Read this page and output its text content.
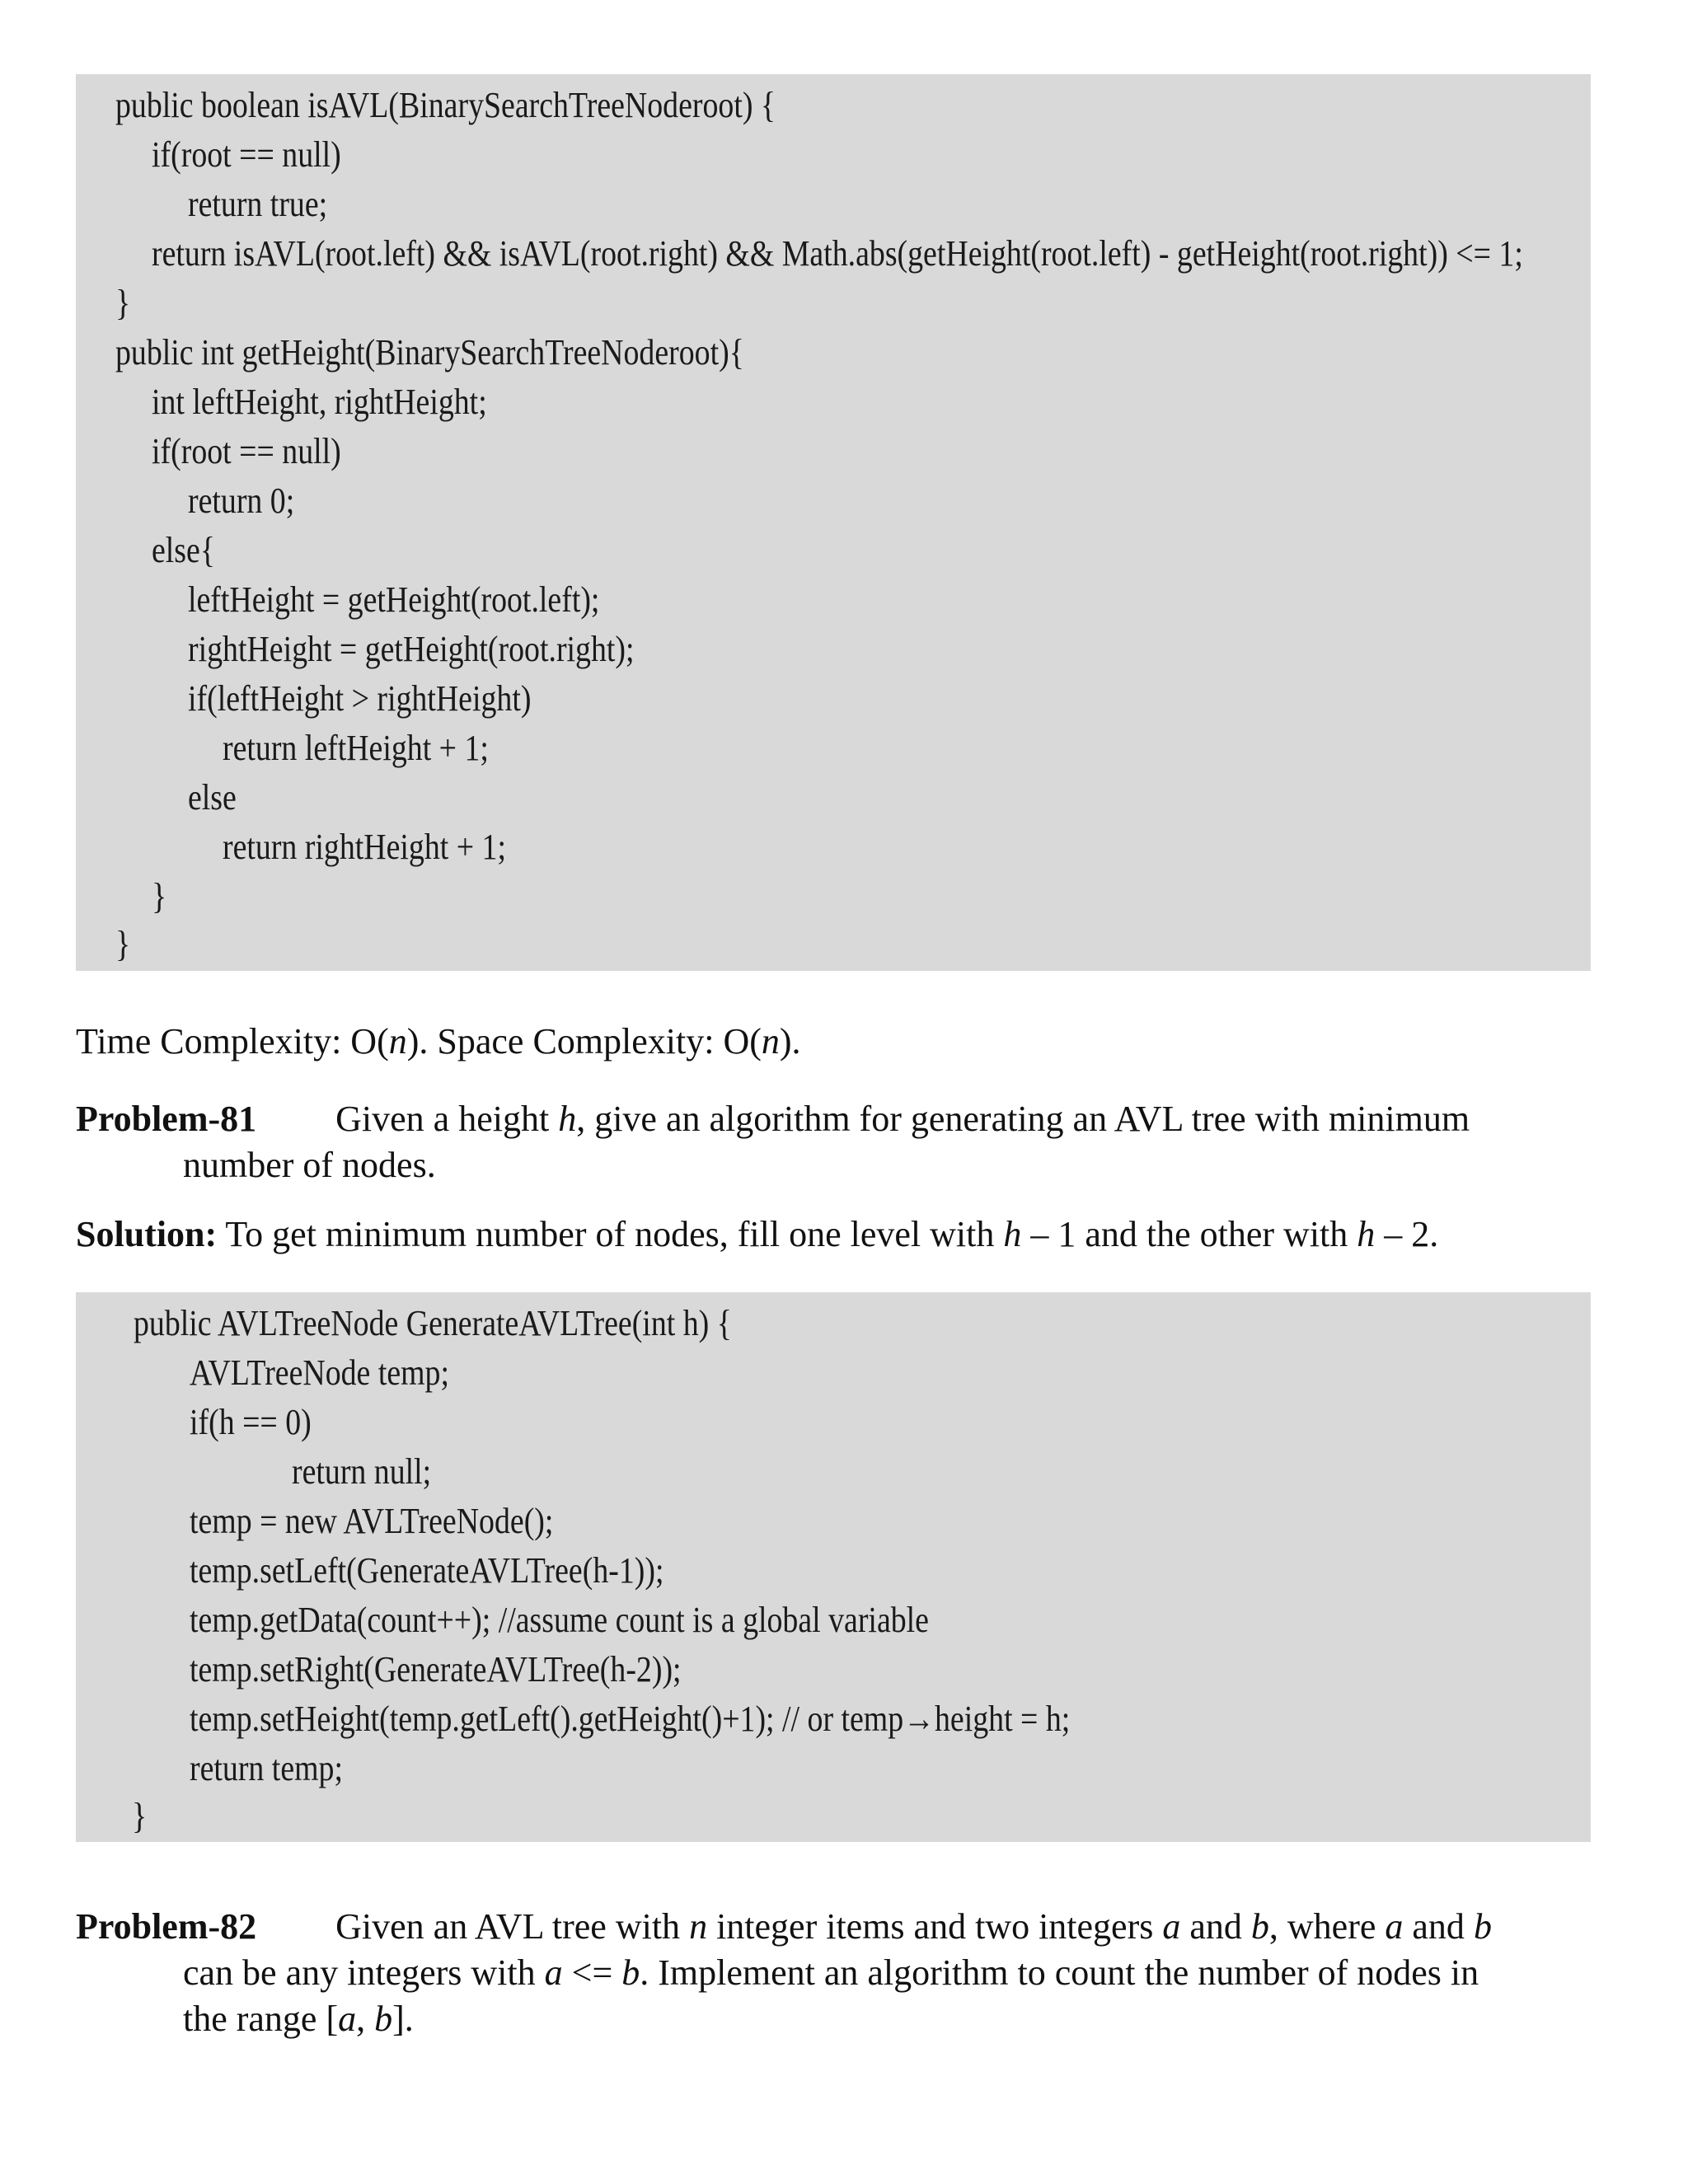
public boolean isAVL(BinarySearchTreeNoderoot) {
if(root == null)
return true;
return isAVL(root.left) && isAVL(root.right) && Math.abs(getHeight(root.left) - getHeight(root.right)) <= 1;
}
public int getHeight(BinarySearchTreeNoderoot){
int leftHeight, rightHeight;
if(root == null)
return 0;
else{
leftHeight = getHeight(root.left);
rightHeight = getHeight(root.right);
if(leftHeight > rightHeight)
return leftHeight + 1;
else
return rightHeight + 1;
}
}
Time Complexity: O(n). Space Complexity: O(n).
Problem-81 Given a height h, give an algorithm for generating an AVL tree with minimum
number of nodes.
Solution: To get minimum number of nodes, fill one level with h – 1 and the other with h – 2.
public AVLTreeNode GenerateAVLTree(int h) {
AVLTreeNode temp;
if(h == 0)
return null;
temp = new AVLTreeNode();
temp.setLeft(GenerateAVLTree(h-1));
temp.getData(count++); //assume count is a global variable
temp.setRight(GenerateAVLTree(h-2));
temp.setHeight(temp.getLeft().getHeight()+1); // or temp→height = h;
return temp;
}
Problem-82 Given an AVL tree with n integer items and two integers a and b, where a and b
can be any integers with a <= b. Implement an algorithm to count the number of nodes in
the range [a, b].
